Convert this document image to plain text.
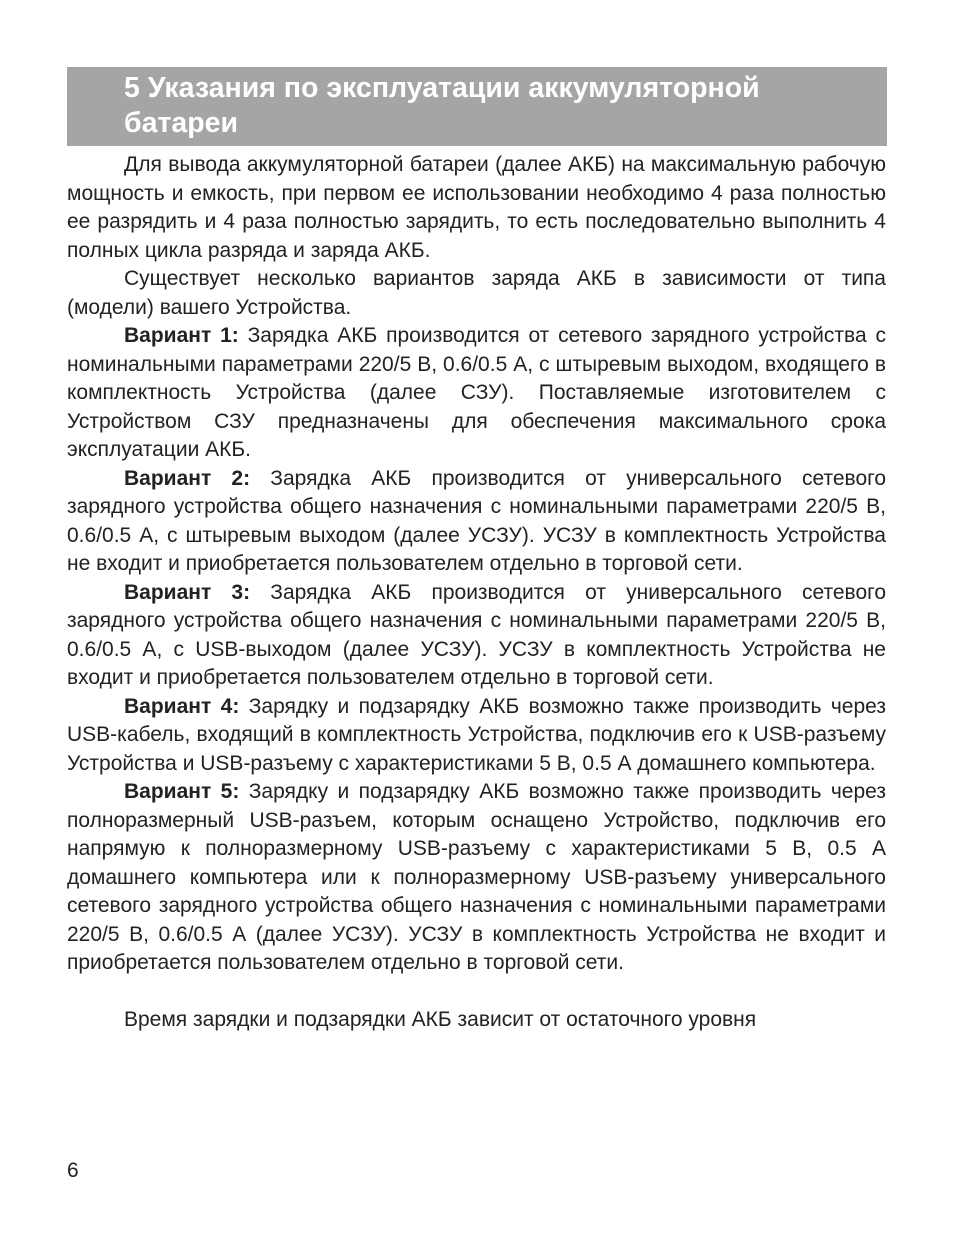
5 Указания по эксплуатации аккумуляторной батареи

Для вывода аккумуляторной батареи (далее АКБ) на максимальную рабочую мощность и емкость, при первом ее использовании необходимо 4 раза полностью ее разрядить и 4 раза полностью зарядить, то есть последовательно выполнить 4 полных цикла разряда и заряда АКБ.

Существует несколько вариантов заряда АКБ в зависимости от типа (модели) вашего Устройства.

Вариант 1: Зарядка АКБ производится от сетевого зарядного устройства с номинальными параметрами 220/5 В, 0.6/0.5 А, с штыревым выходом, входящего в комплектность Устройства (далее СЗУ). Поставляемые изготовителем с Устройством СЗУ предназначены для обеспечения максимального срока эксплуатации АКБ.

Вариант 2: Зарядка АКБ производится от универсального сетевого зарядного устройства общего назначения с номинальными параметрами 220/5 В, 0.6/0.5 А, с штыревым выходом (далее УСЗУ). УСЗУ в комплектность Устройства не входит и приобретается пользователем отдельно в торговой сети.

Вариант 3: Зарядка АКБ производится от универсального сетевого зарядного устройства общего назначения с номинальными параметрами 220/5 В, 0.6/0.5 А, с USB-выходом (далее УСЗУ). УСЗУ в комплектность Устройства не входит и приобретается пользователем отдельно в торговой сети.

Вариант 4: Зарядку и подзарядку АКБ возможно также производить через USB-кабель, входящий в комплектность Устройства, подключив его к USB-разъему Устройства и USB-разъему с характеристиками 5 В, 0.5 А домашнего компьютера.

Вариант 5: Зарядку и подзарядку АКБ возможно также производить через полноразмерный USB-разъем, которым оснащено Устройство, подключив его напрямую к полноразмерному USB-разъему с характеристиками 5 В, 0.5 А домашнего компьютера или к полноразмерному USB-разъему универсального сетевого зарядного устройства общего назначения с номинальными параметрами 220/5 В, 0.6/0.5 А (далее УСЗУ). УСЗУ в комплектность Устройства не входит и приобретается пользователем отдельно в торговой сети.

Время зарядки и подзарядки АКБ зависит от остаточного уровня

6
